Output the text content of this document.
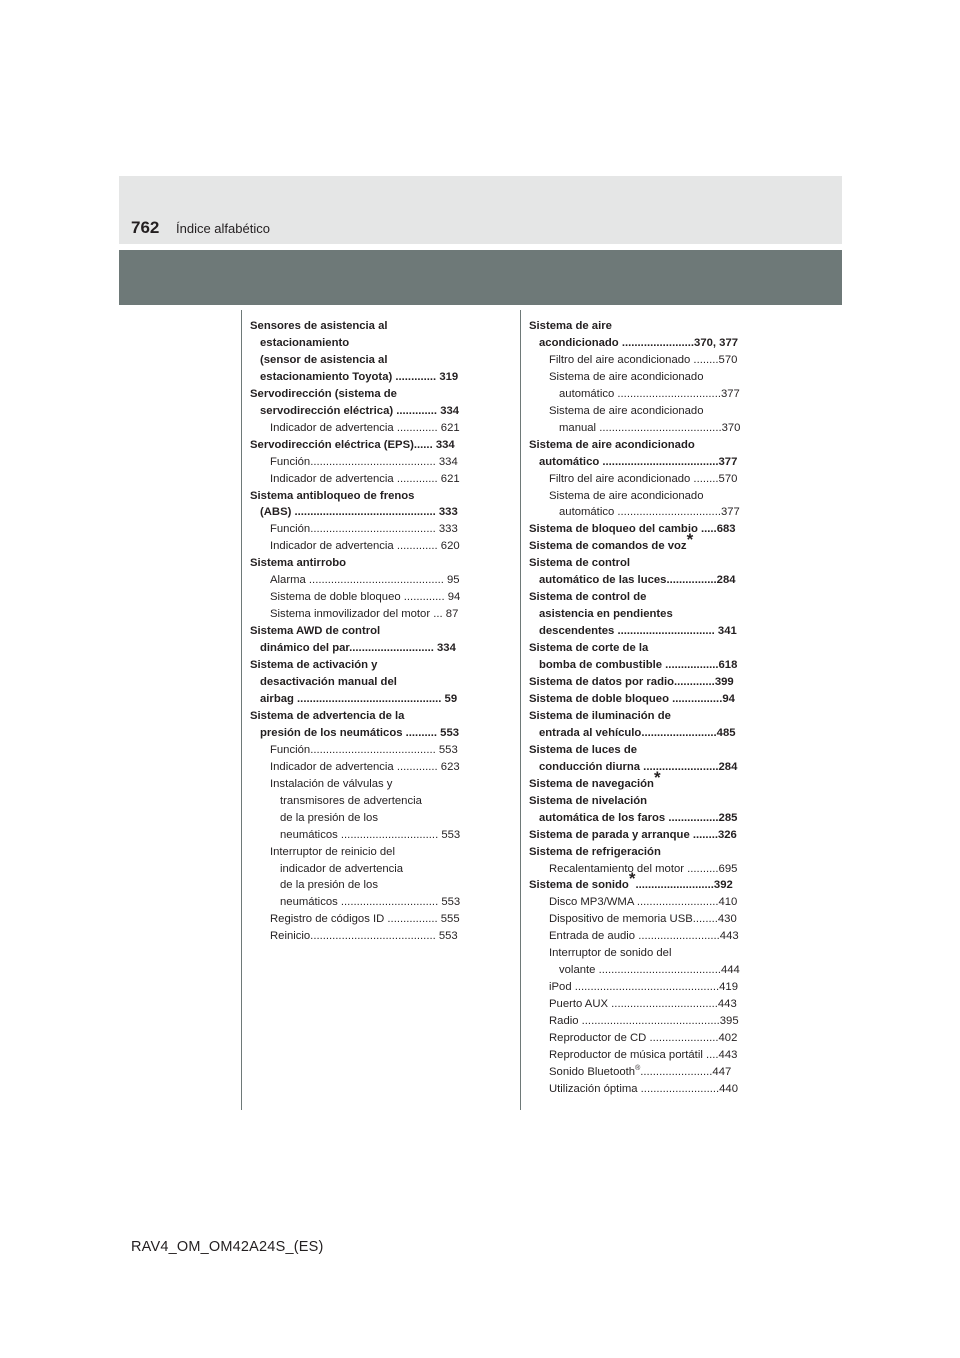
762 Índice alfabético
Sensores de asistencia al
estacionamiento
(sensor de asistencia al
estacionamiento Toyota) ............. 319
Servodirección (sistema de
servodirección eléctrica) ............. 334
Indicador de advertencia ............. 621
Servodirección eléctrica (EPS)...... 334
Función........................................ 334
Indicador de advertencia ............. 621
Sistema antibloqueo de frenos
(ABS) ............................................. 333
Función........................................ 333
Indicador de advertencia ............. 620
Sistema antirrobo
Alarma ........................................... 95
Sistema de doble bloqueo ............. 94
Sistema inmovilizador del motor ... 87
Sistema AWD de control
dinámico del par........................... 334
Sistema de activación y
desactivación manual del
airbag .............................................. 59
Sistema de advertencia de la
presión de los neumáticos .......... 553
Función........................................ 553
Indicador de advertencia ............. 623
Instalación de válvulas y
transmisores de advertencia
de la presión de los
neumáticos ............................... 553
Interruptor de reinicio del
indicador de advertencia
de la presión de los
neumáticos ............................... 553
Registro de códigos ID ................ 555
Reinicio........................................ 553
Sistema de aire
acondicionado .......................370, 377
Filtro del aire acondicionado ........570
Sistema de aire acondicionado
automático .................................377
Sistema de aire acondicionado
manual .......................................370
Sistema de aire acondicionado
automático .....................................377
Filtro del aire acondicionado ........570
Sistema de aire acondicionado
automático .................................377
Sistema de bloqueo del cambio .....683
Sistema de comandos de voz*
Sistema de control
automático de las luces................284
Sistema de control de
asistencia en pendientes
descendentes ............................... 341
Sistema de corte de la
bomba de combustible .................618
Sistema de datos por radio.............399
Sistema de doble bloqueo ................94
Sistema de iluminación de
entrada al vehículo........................485
Sistema de luces de
conducción diurna ........................284
Sistema de navegación*
Sistema de nivelación
automática de los faros ................285
Sistema de parada y arranque ........326
Sistema de refrigeración
Recalentamiento del motor ..........695
Sistema de sonido*.........................392
Disco MP3/WMA ..........................410
Dispositivo de memoria USB........430
Entrada de audio ..........................443
Interruptor de sonido del
volante .......................................444
iPod ..............................................419
Puerto AUX ..................................443
Radio ............................................395
Reproductor de CD ......................402
Reproductor de música portátil ....443
Sonido Bluetooth®.......................447
Utilización óptima .........................440
RAV4_OM_OM42A24S_(ES)
